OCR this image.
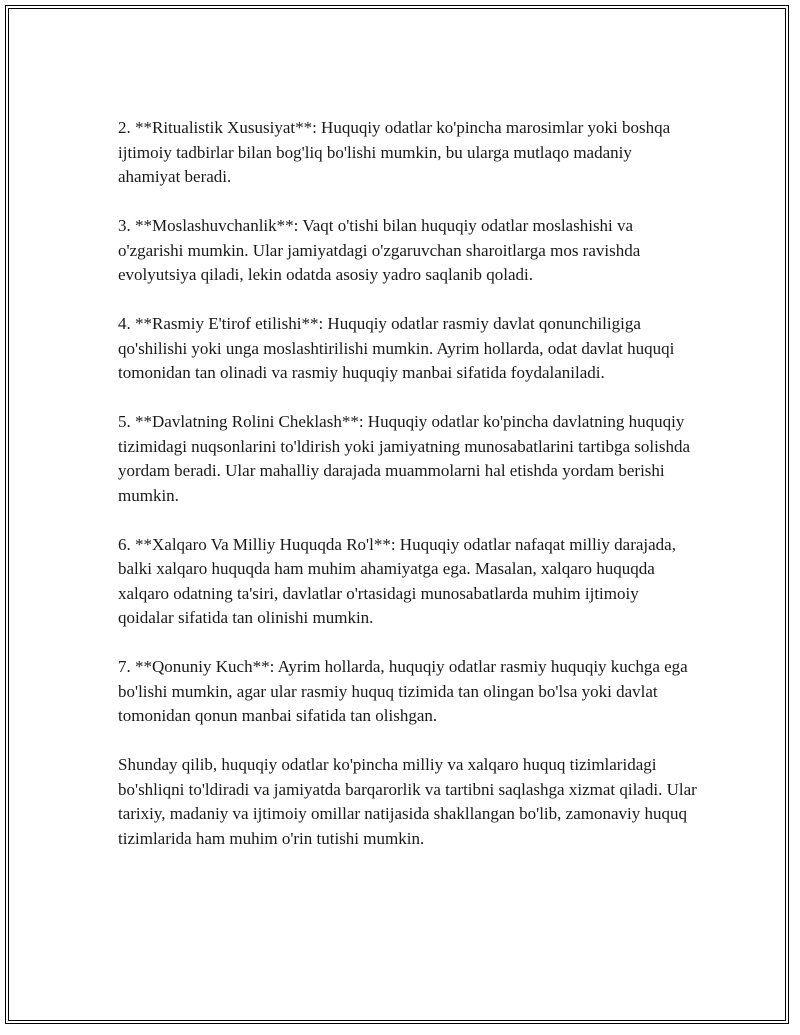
2. **Ritualistik Xususiyat**: Huquqiy odatlar ko'pincha marosimlar yoki boshqa ijtimoiy tadbirlar bilan bog'liq bo'lishi mumkin, bu ularga mutlaqo madaniy ahamiyat beradi.

3. **Moslashuvchanlik**: Vaqt o'tishi bilan huquqiy odatlar moslashishi va o'zgarishi mumkin. Ular jamiyatdagi o'zgaruvchan sharoitlarga mos ravishda evolyutsiya qiladi, lekin odatda asosiy yadro saqlanib qoladi.

4. **Rasmiy E'tirof etilishi**: Huquqiy odatlar rasmiy davlat qonunchiligiga qo'shilishi yoki unga moslashtirilishi mumkin. Ayrim hollarda, odat davlat huquqi tomonidan tan olinadi va rasmiy huquqiy manbai sifatida foydalaniladi.

5. **Davlatning Rolini Cheklash**: Huquqiy odatlar ko'pincha davlatning huquqiy tizimidagi nuqsonlarini to'ldirish yoki jamiyatning munosabatlarini tartibga solishda yordam beradi. Ular mahalliy darajada muammolarni hal etishda yordam berishi mumkin.

6. **Xalqaro Va Milliy Huquqda Ro'l**: Huquqiy odatlar nafaqat milliy darajada, balki xalqaro huquqda ham muhim ahamiyatga ega. Masalan, xalqaro huquqda xalqaro odatning ta'siri, davlatlar o'rtasidagi munosabatlarda muhim ijtimoiy qoidalar sifatida tan olinishi mumkin.

7. **Qonuniy Kuch**: Ayrim hollarda, huquqiy odatlar rasmiy huquqiy kuchga ega bo'lishi mumkin, agar ular rasmiy huquq tizimida tan olingan bo'lsa yoki davlat tomonidan qonun manbai sifatida tan olishgan.

Shunday qilib, huquqiy odatlar ko'pincha milliy va xalqaro huquq tizimlaridagi bo'shliqni to'ldiradi va jamiyatda barqarorlik va tartibni saqlashga xizmat qiladi. Ular tarixiy, madaniy va ijtimoiy omillar natijasida shakllangan bo'lib, zamonaviy huquq tizimlarida ham muhim o'rin tutishi mumkin.
